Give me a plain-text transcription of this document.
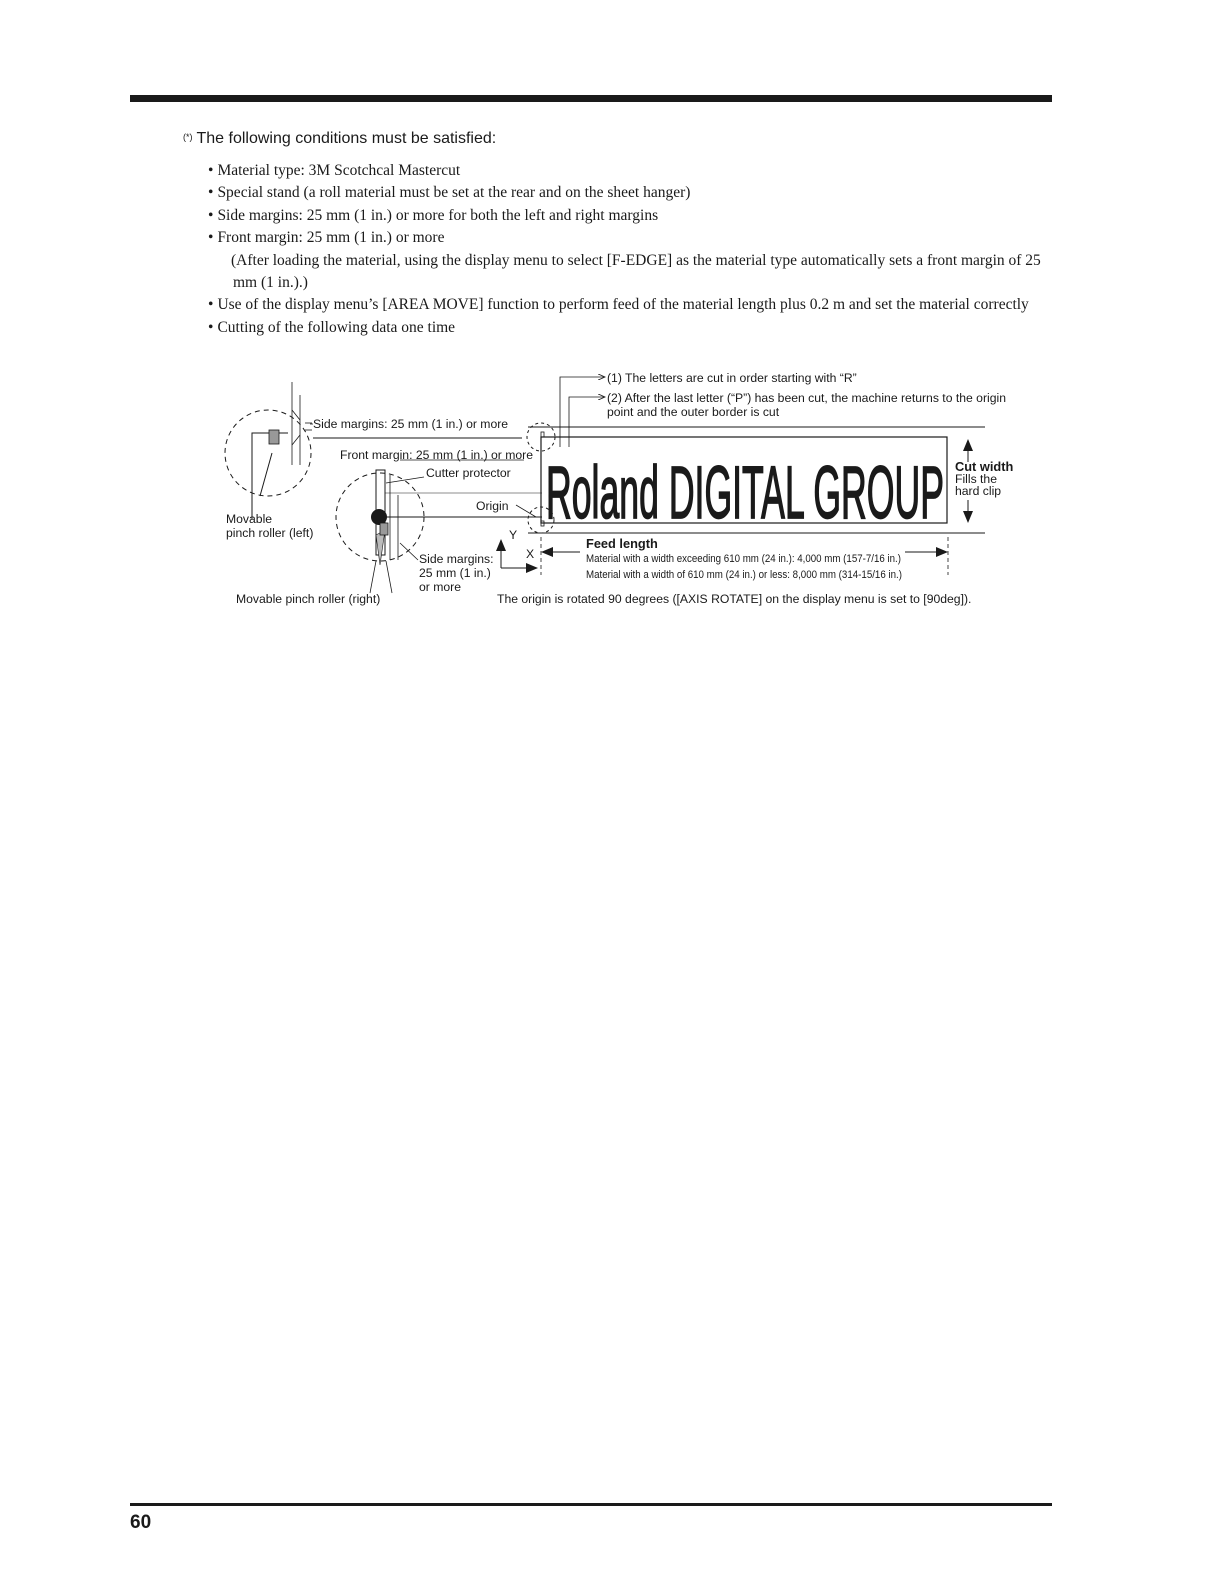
(*) The following conditions must be satisfied:
• Material type: 3M Scotchcal Mastercut
• Special stand (a roll material must be set at the rear and on the sheet hanger)
• Side margins: 25 mm (1 in.) or more for both the left and right margins
• Front margin: 25 mm (1 in.) or more
(After loading the material, using the display menu to select [F-EDGE] as the material type automatically sets a front margin of 25 mm (1 in.).)
• Use of the display menu’s [AREA MOVE] function to perform feed of the material length plus 0.2 m and set the material correctly
• Cutting of the following data one time
Roland DIGITAL GROUP
(1) The letters are cut in order starting with “R”
(2) After the last letter (“P”) has been cut, the machine returns to the origin
point and the outer border is cut
Side margins: 25 mm (1 in.) or more
Front margin: 25 mm (1 in.) or more
Cutter protector
Origin
Movable
pinch roller (left)	Y
X
Side margins:
25 mm (1 in.)
or more
Movable pinch roller (right)
Cut width
Fills the
hard clip
Feed length
Material with a width exceeding 610 mm (24 in.): 4,000 mm (157-7/16 in.)
Material with a width of 610 mm (24 in.) or less: 8,000 mm (314-15/16 in.)
The origin is rotated 90 degrees ([AXIS ROTATE] on the display menu is set to [90deg]).
60
